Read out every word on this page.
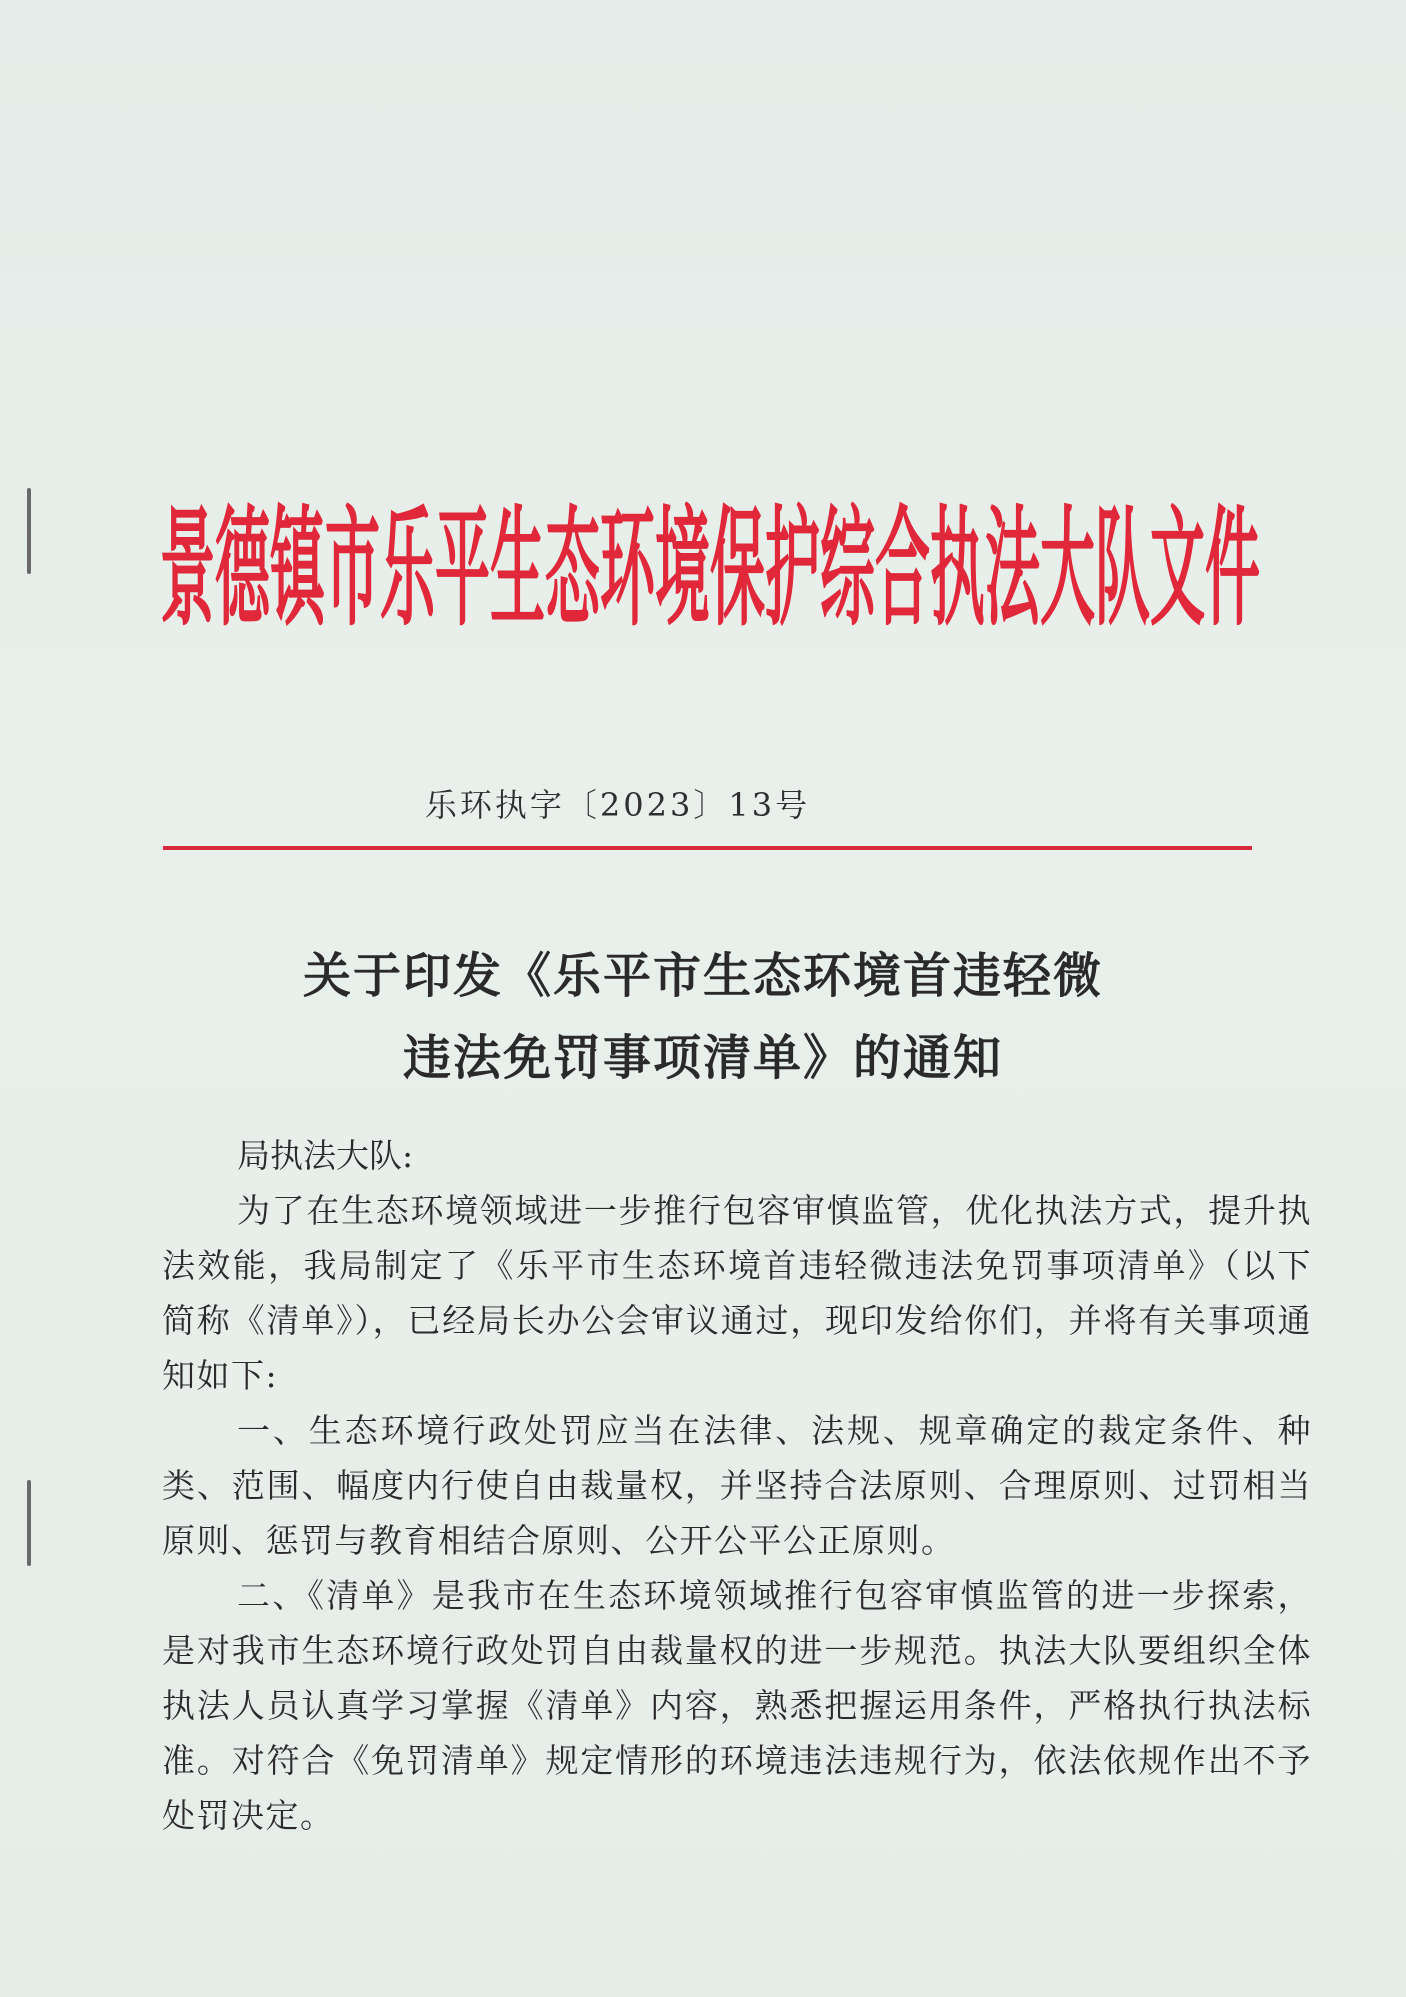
景德镇市乐平生态环境保护综合执法大队文件
乐环执字〔2023〕13号
关于印发《乐平市生态环境首违轻微
违法免罚事项清单》的通知

局执法大队:

为了在生态环境领域进一步推行包容审慎监管，优化执法方式，提升执法效能，我局制定了《乐平市生态环境首违轻微违法免罚事项清单》（以下简称《清单》），已经局长办公会审议通过，现印发给你们，并将有关事项通知如下:

一、生态环境行政处罚应当在法律、法规、规章确定的裁定条件、种类、范围、幅度内行使自由裁量权，并坚持合法原则、合理原则、过罚相当原则、惩罚与教育相结合原则、公开公平公正原则。

二、《清单》是我市在生态环境领域推行包容审慎监管的进一步探索，是对我市生态环境行政处罚自由裁量权的进一步规范。执法大队要组织全体执法人员认真学习掌握《清单》内容，熟悉把握运用条件，严格执行执法标准。对符合《免罚清单》规定情形的环境违法违规行为，依法依规作出不予处罚决定。
